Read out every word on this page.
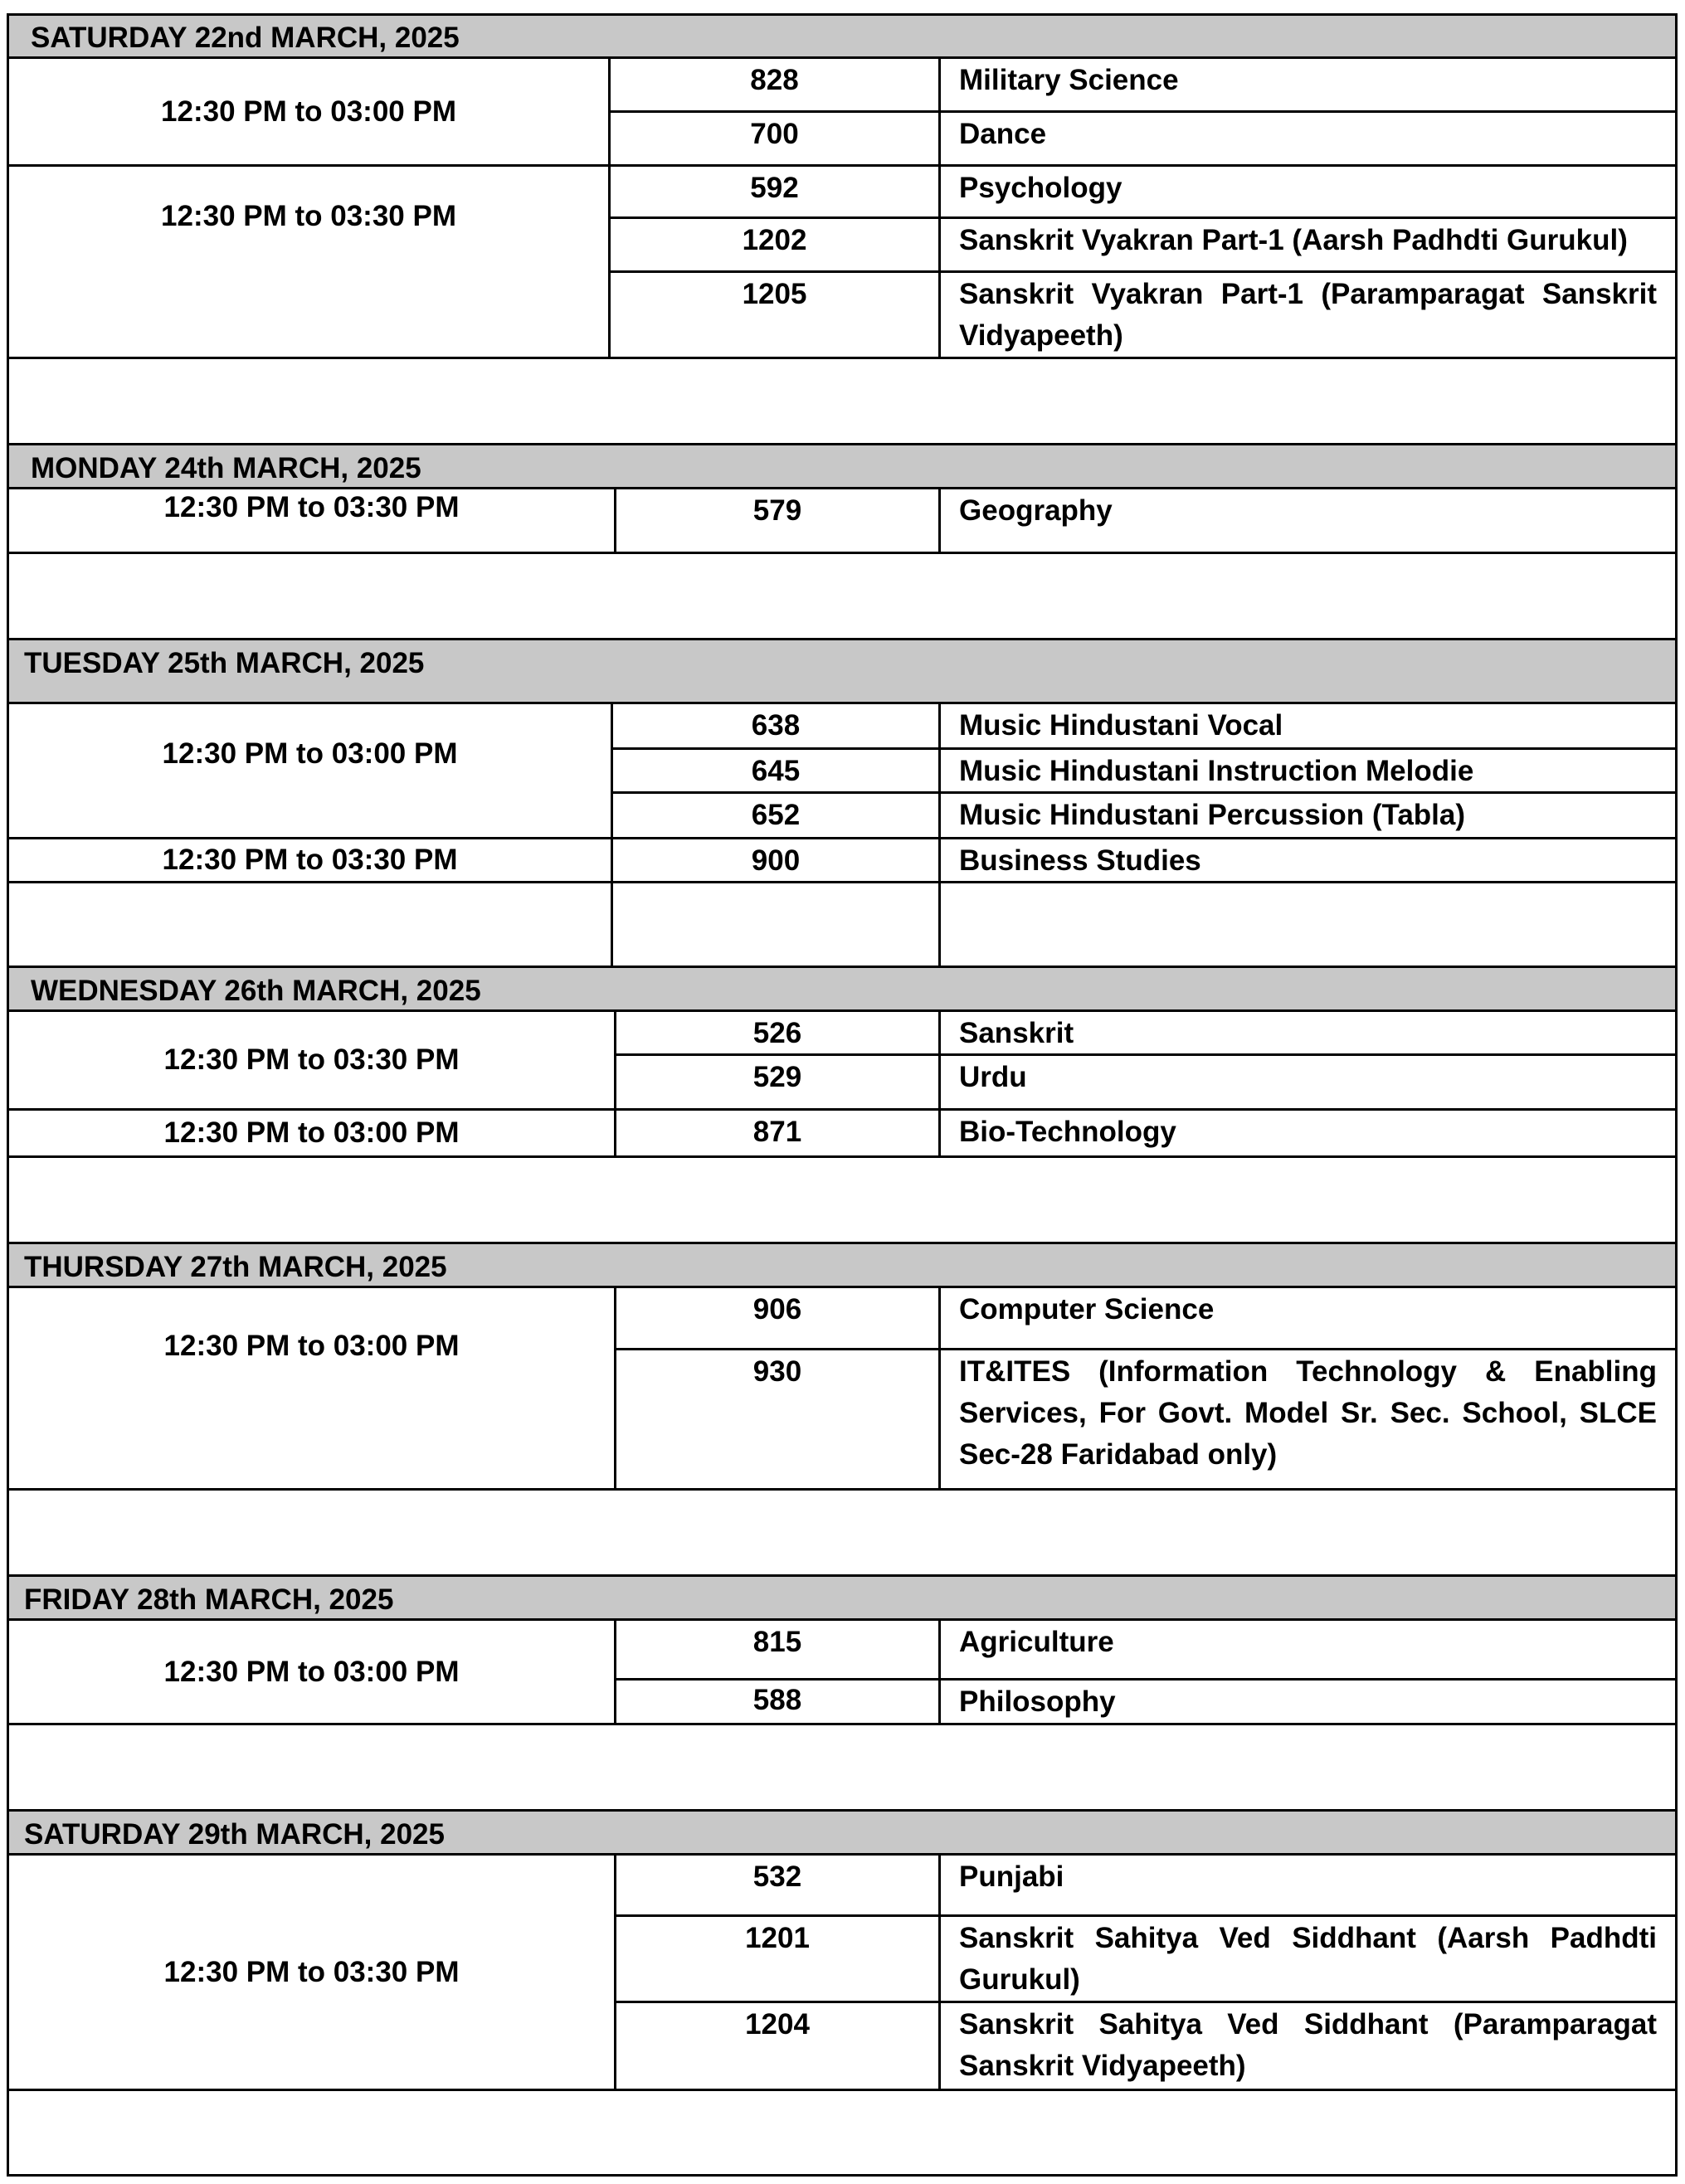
SATURDAY 22nd MARCH, 2025
12:30 PM to 03:00 PM
828	Military Science
700	Dance
12:30 PM to 03:30 PM
592	Psychology
1202	Sanskrit Vyakran Part-1 (Aarsh Padhdti Gurukul)
1205	Sanskrit Vyakran Part-1 (Paramparagat Sanskrit Vidyapeeth)
MONDAY 24th MARCH, 2025
12:30 PM to 03:30 PM	579	Geography
TUESDAY 25th MARCH, 2025
12:30 PM to 03:00 PM
638	Music Hindustani Vocal
645	Music Hindustani Instruction Melodie
652	Music Hindustani Percussion (Tabla)
12:30 PM to 03:30 PM	900	Business Studies
WEDNESDAY 26th MARCH, 2025
12:30 PM to 03:30 PM
526	Sanskrit
529	Urdu
12:30 PM to 03:00 PM	871	Bio-Technology
THURSDAY 27th MARCH, 2025
12:30 PM to 03:00 PM
906	Computer Science
930	IT&ITES (Information Technology & Enabling Services, For Govt. Model Sr. Sec. School, SLCE Sec-28 Faridabad only)
FRIDAY 28th MARCH, 2025
12:30 PM to 03:00 PM
815	Agriculture
588	Philosophy
SATURDAY 29th MARCH, 2025
12:30 PM to 03:30 PM
532	Punjabi
1201	Sanskrit Sahitya Ved Siddhant (Aarsh Padhdti Gurukul)
1204	Sanskrit Sahitya Ved Siddhant (Paramparagat Sanskrit Vidyapeeth)
